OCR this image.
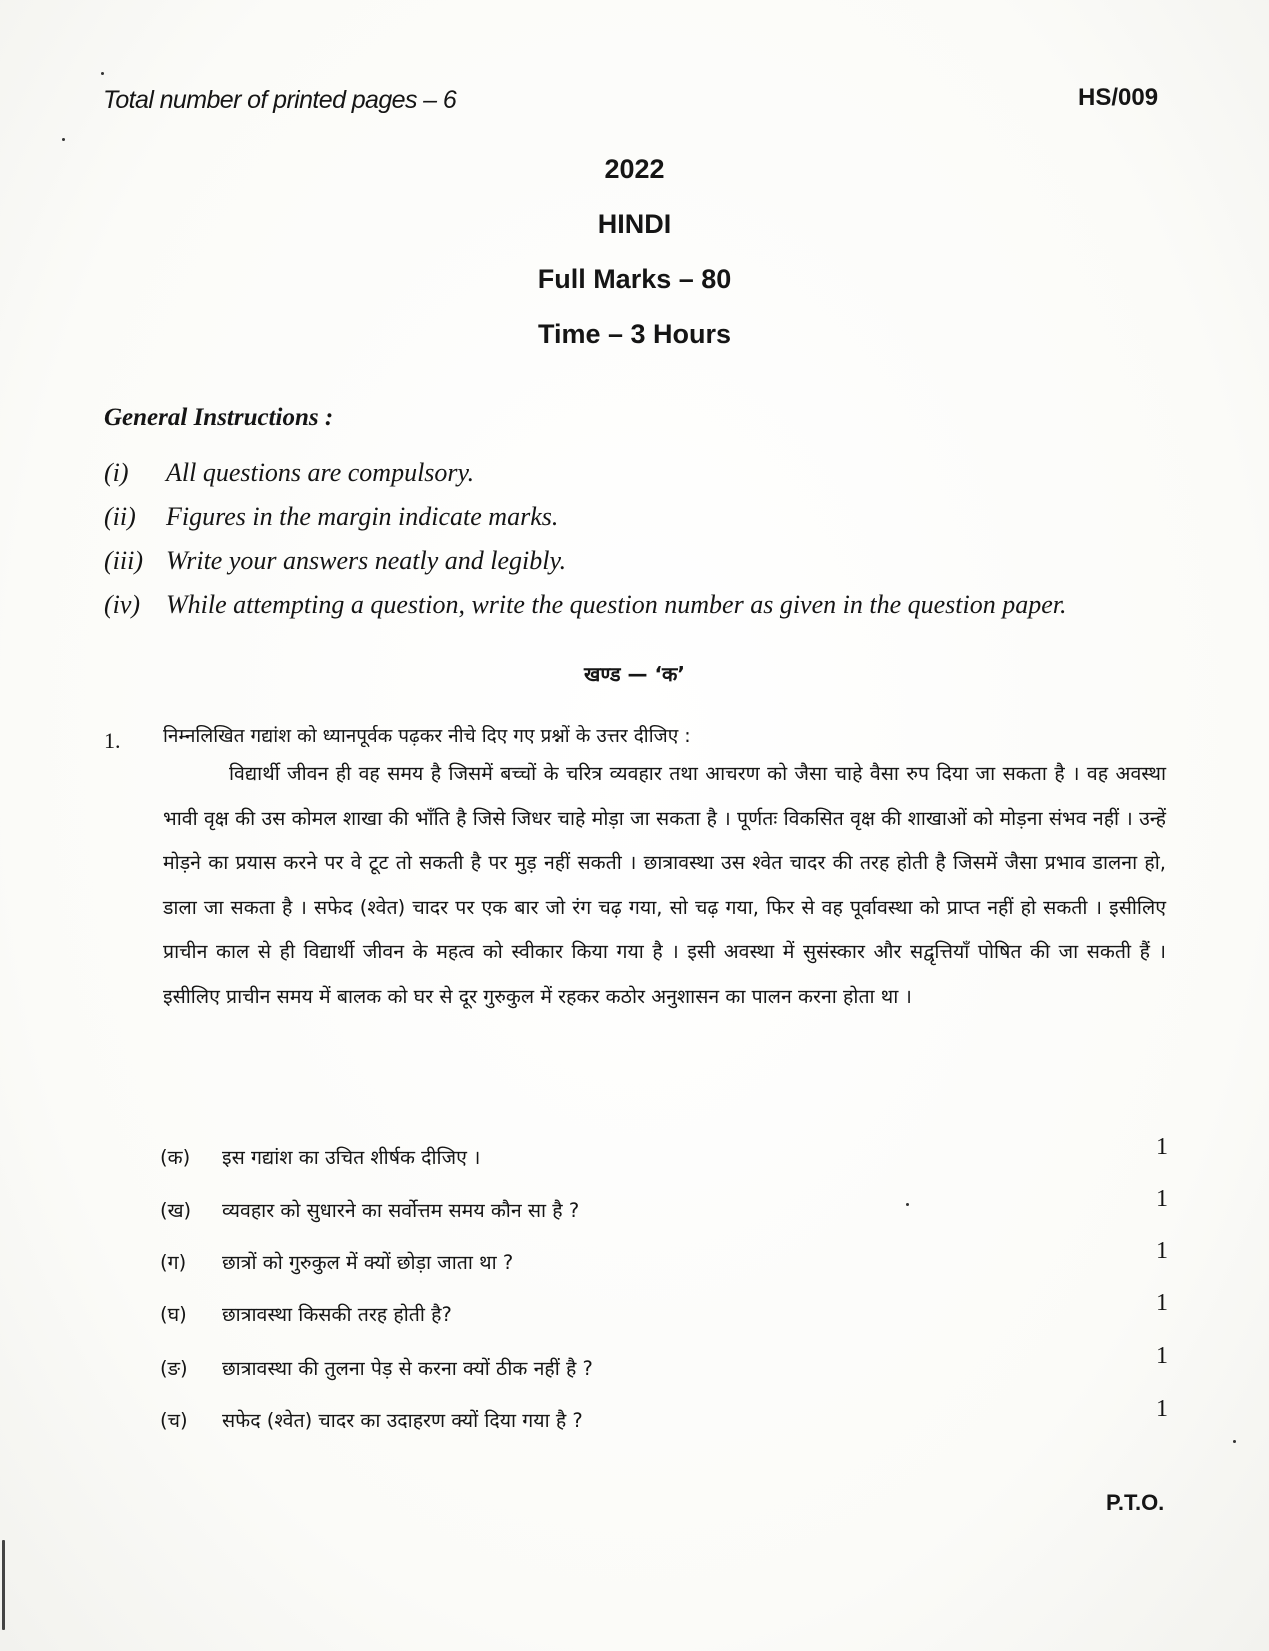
Total number of printed pages – 6	HS/009
2022
HINDI
Full Marks – 80
Time – 3 Hours
General Instructions :
(i) All questions are compulsory.
(ii) Figures in the margin indicate marks.
(iii) Write your answers neatly and legibly.
(iv) While attempting a question, write the question number as given in the question paper.
खण्ड — ‘क’
1. निम्नलिखित गद्यांश को ध्यानपूर्वक पढ़कर नीचे दिए गए प्रश्नों के उत्तर दीजिए :
विद्यार्थी जीवन ही वह समय है जिसमें बच्चों के चरित्र व्यवहार तथा आचरण को जैसा चाहे वैसा रुप दिया जा सकता है । वह अवस्था भावी वृक्ष की उस कोमल शाखा की भाँति है जिसे जिधर चाहे मोड़ा जा सकता है । पूर्णतः विकसित वृक्ष की शाखाओं को मोड़ना संभव नहीं । उन्हें मोड़ने का प्रयास करने पर वे टूट तो सकती है पर मुड़ नहीं सकती । छात्रावस्था उस श्वेत चादर की तरह होती है जिसमें जैसा प्रभाव डालना हो, डाला जा सकता है । सफेद (श्वेत) चादर पर एक बार जो रंग चढ़ गया, सो चढ़ गया, फिर से वह पूर्वावस्था को प्राप्त नहीं हो सकती । इसीलिए प्राचीन काल से ही विद्यार्थी जीवन के महत्व को स्वीकार किया गया है । इसी अवस्था में सुसंस्कार और सद्वृत्तियाँ पोषित की जा सकती हैं । इसीलिए प्राचीन समय में बालक को घर से दूर गुरुकुल में रहकर कठोर अनुशासन का पालन करना होता था ।
(क) इस गद्यांश का उचित शीर्षक दीजिए ।	1
(ख) व्यवहार को सुधारने का सर्वोत्तम समय कौन सा है ?	1
(ग) छात्रों को गुरुकुल में क्यों छोड़ा जाता था ?	1
(घ) छात्रावस्था किसकी तरह होती है?	1
(ङ) छात्रावस्था की तुलना पेड़ से करना क्यों ठीक नहीं है ?	1
(च) सफेद (श्वेत) चादर का उदाहरण क्यों दिया गया है ?	1
P.T.O.
